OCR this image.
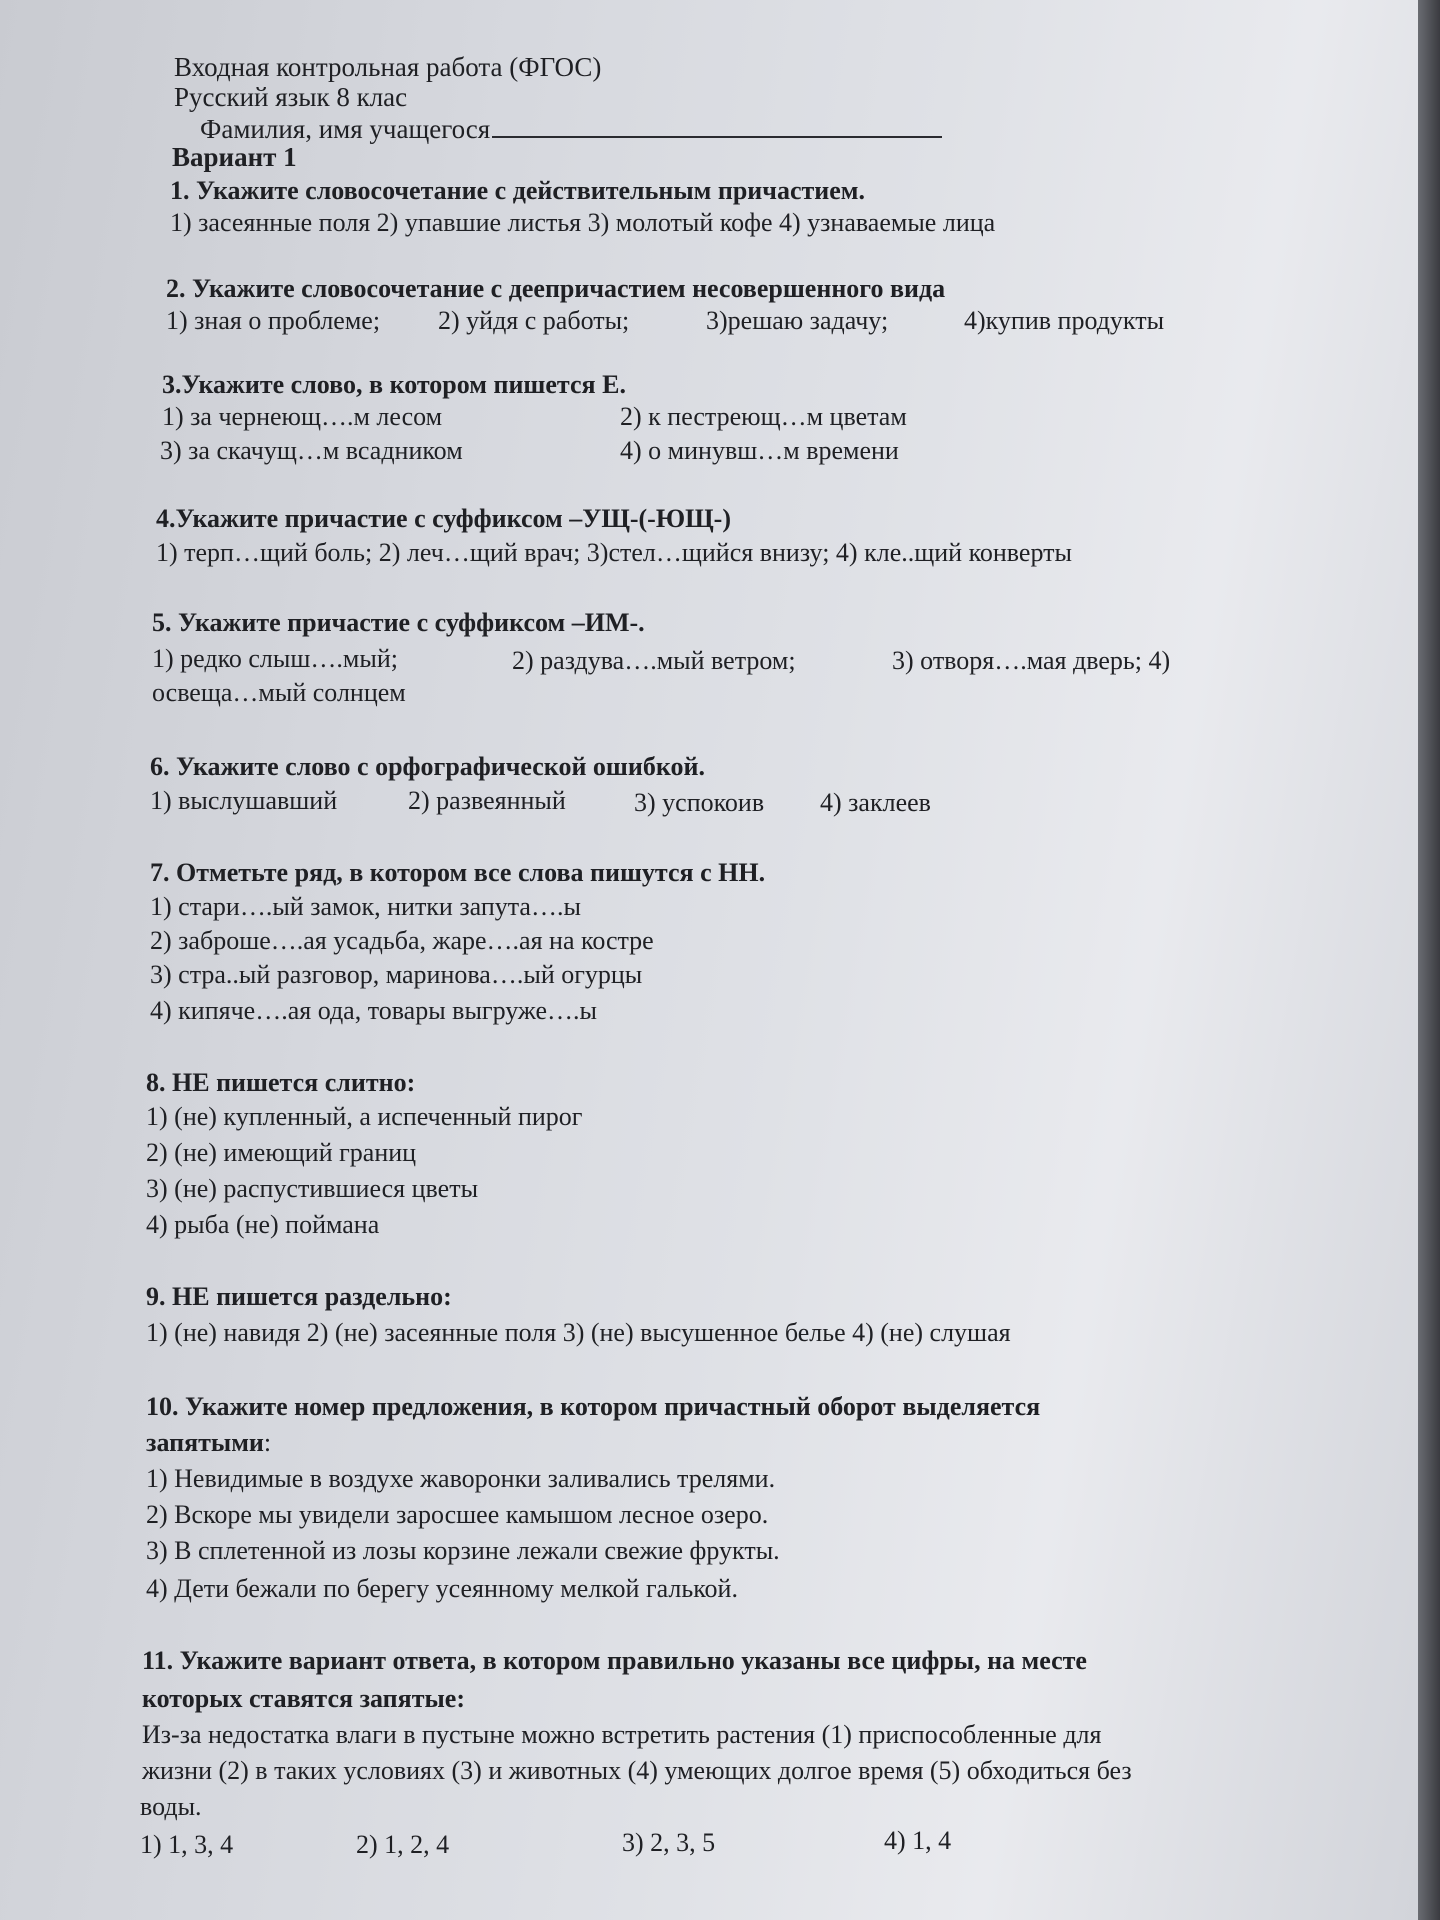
Входная контрольная работа (ФГОС)
Русский язык 8 клас
Фамилия, имя учащегося
Вариант 1
1. Укажите словосочетание с действительным причастием.
1) засеянные поля 2) упавшие листья 3) молотый кофе 4) узнаваемые лица
2. Укажите словосочетание с деепричастием несовершенного вида
1) зная о проблеме; 2) уйдя с работы;	3)решаю задачу;	4)купив продукты
3.Укажите слово, в котором пишется Е.
1) за чернеющ….м лесом	2) к пестреющ…м цветам
3) за скачущ…м всадником	4) о минувш…м времени
4.Укажите причастие с суффиксом –УЩ-(-ЮЩ-)
1) терп…щий боль; 2) леч…щий врач; 3)стел…щийся внизу; 4) кле..щий конверты
5. Укажите причастие с суффиксом –ИМ-.
1) редко слыш….мый;	2) раздува….мый ветром;	3) отворя….мая дверь; 4)
освеща…мый солнцем
6. Укажите слово с орфографической ошибкой.
1) выслушавший	2) развеянный	3) успокоив 4) заклеев
7. Отметьте ряд, в котором все слова пишутся с НН.
1) стари….ый замок, нитки запута….ы
2) заброше….ая усадьба, жаре….ая на костре
3) стра..ый разговор, маринова….ый огурцы
4) кипяче….ая ода, товары выгруже….ы
8. НЕ пишется слитно:
1) (не) купленный, а испеченный пирог
2) (не) имеющий границ
3) (не) распустившиеся цветы
4) рыба (не) поймана
9. НЕ пишется раздельно:
1) (не) навидя 2) (не) засеянные поля 3) (не) высушенное белье 4) (не) слушая
10. Укажите номер предложения, в котором причастный оборот выделяется
запятыми:
1) Невидимые в воздухе жаворонки заливались трелями.
2) Вскоре мы увидели заросшее камышом лесное озеро.
3) В сплетенной из лозы корзине лежали свежие фрукты.
4) Дети бежали по берегу усеянному мелкой галькой.
11. Укажите вариант ответа, в котором правильно указаны все цифры, на месте
которых ставятся запятые:
Из-за недостатка влаги в пустыне можно встретить растения (1) приспособленные для
жизни (2) в таких условиях (3) и животных (4) умеющих долгое время (5) обходиться без
воды.
1) 1, 3, 4	2) 1, 2, 4	3) 2, 3, 5	4) 1, 4
